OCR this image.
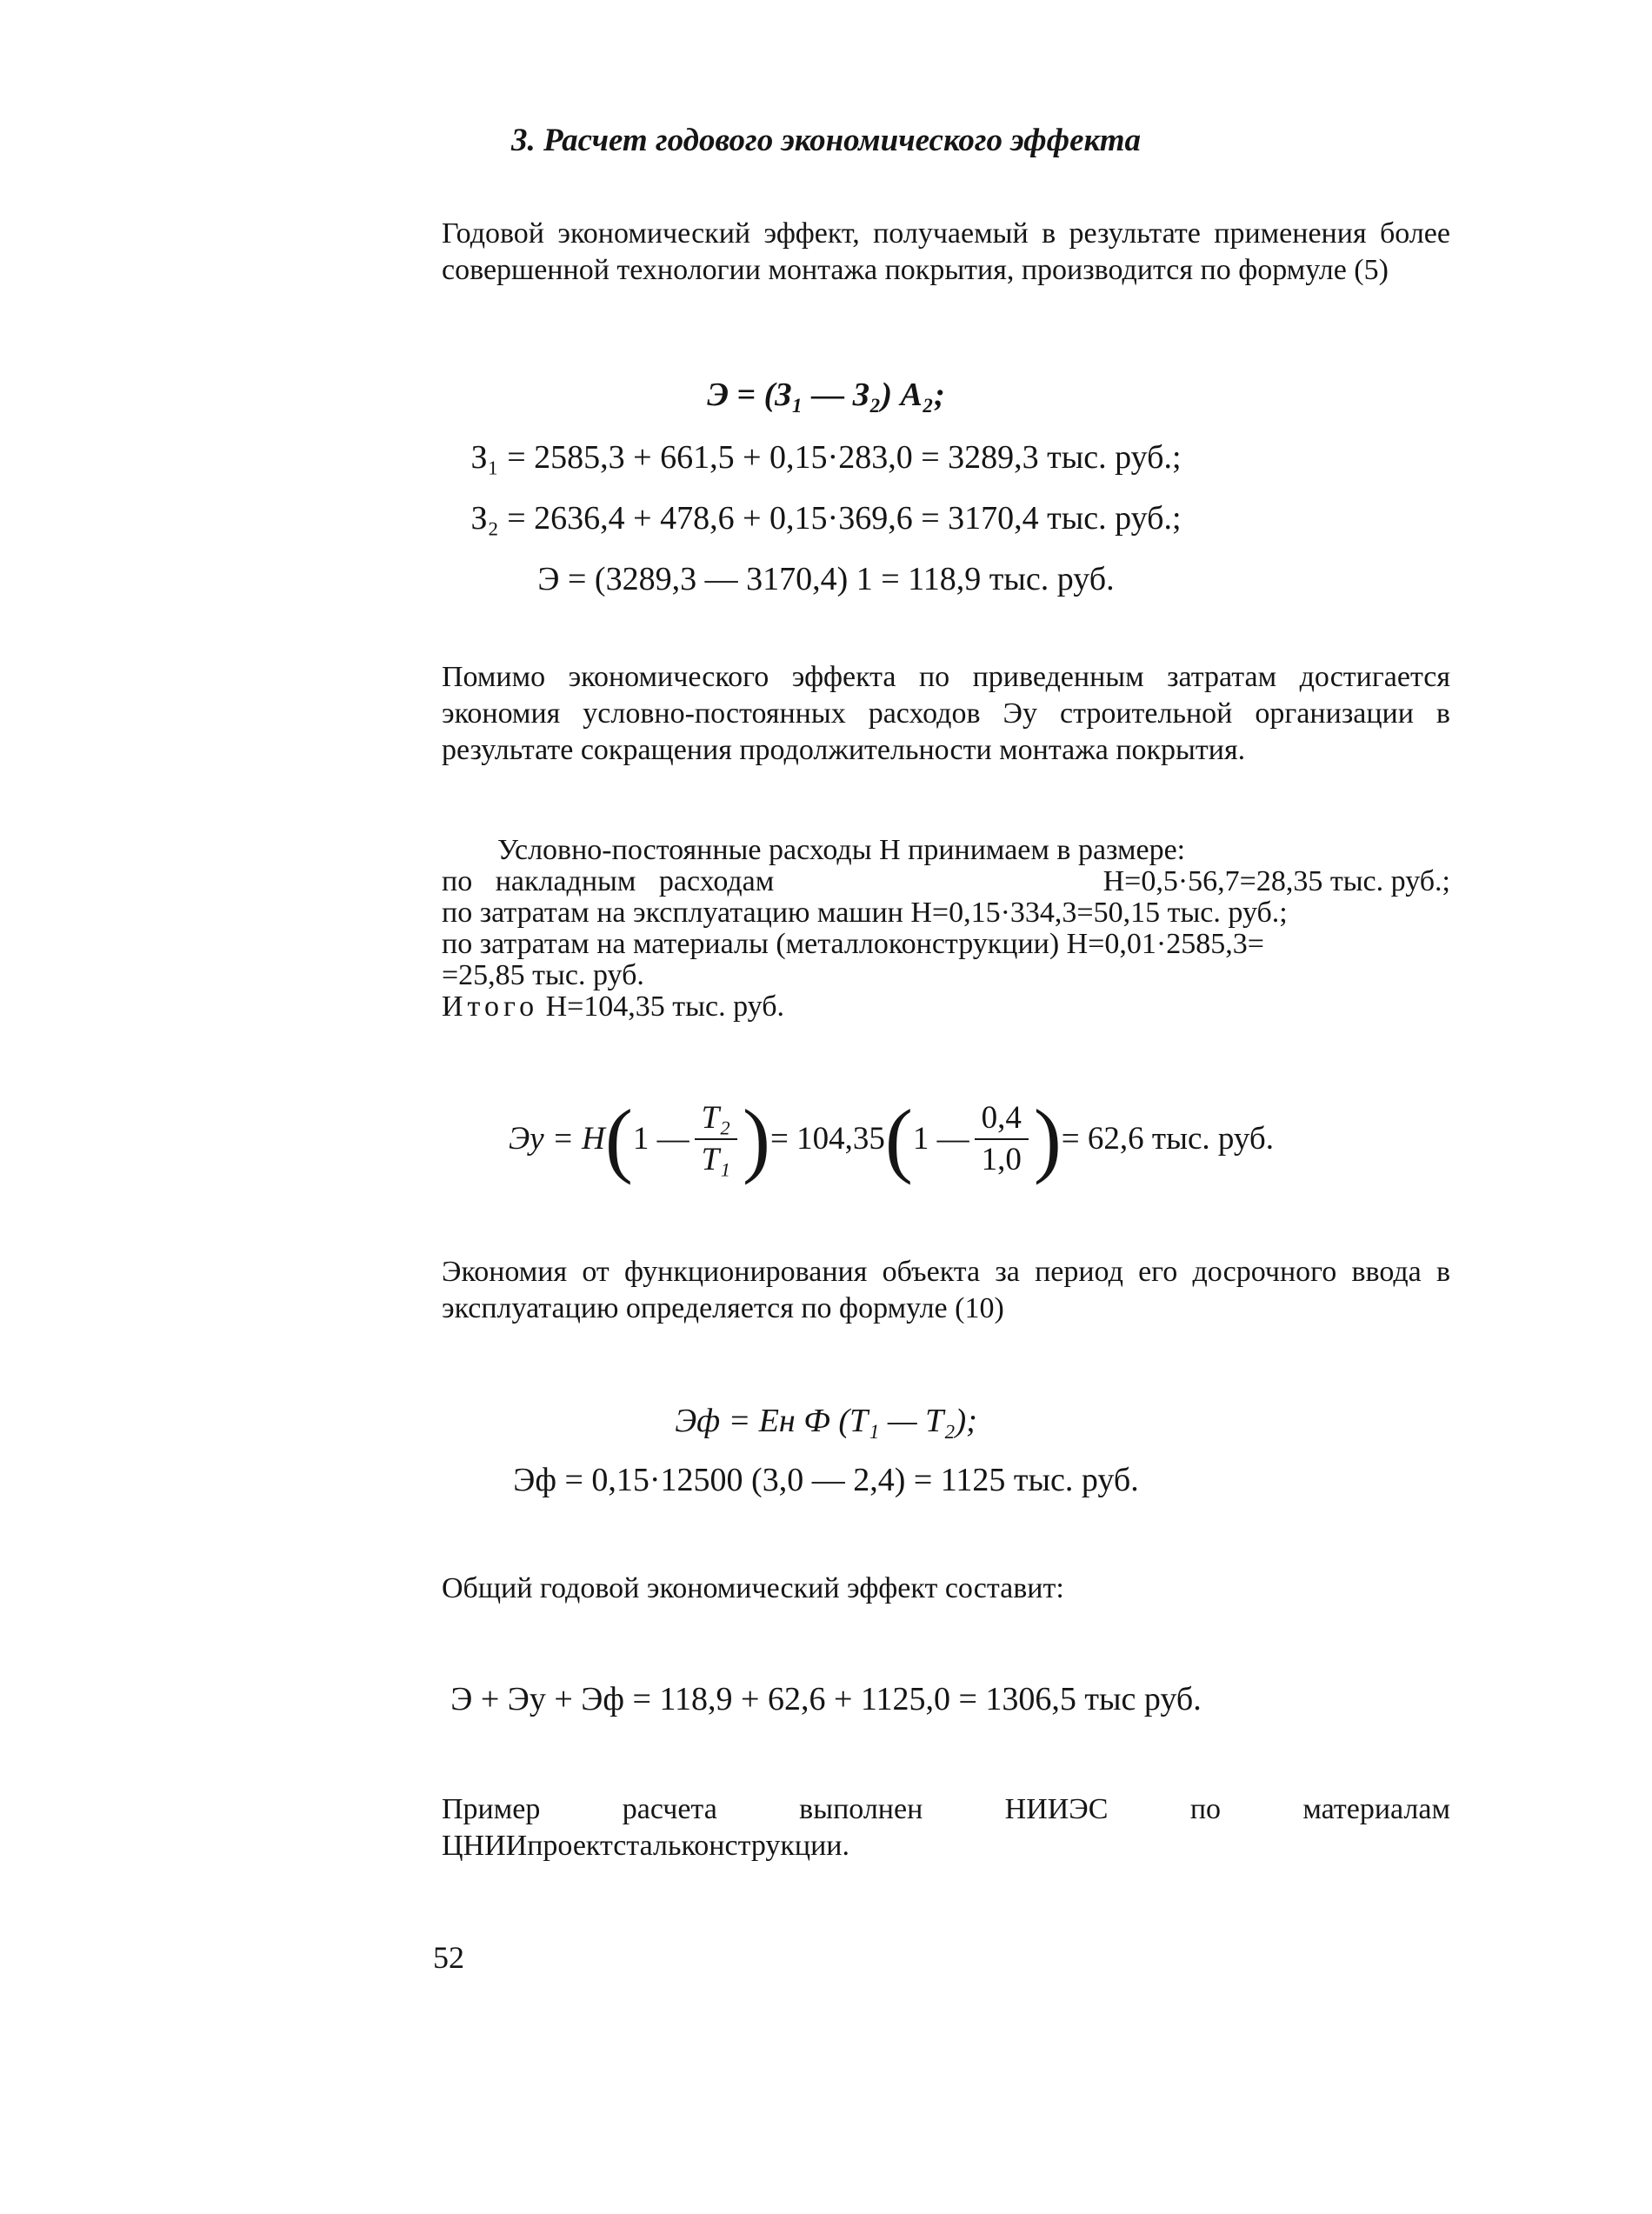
3. Расчет годового экономического эффекта
Годовой экономический эффект, получаемый в результате применения более совершенной технологии монтажа покрытия, производится по формуле (5)
Э = (З₁ — З₂) А₂;
З₁ = 2585,3 + 661,5 + 0,15·283,0 = 3289,3 тыс. руб.;
З₂ = 2636,4 + 478,6 + 0,15·369,6 = 3170,4 тыс. руб.;
Э = (3289,3 — 3170,4) 1 = 118,9 тыс. руб.
Помимо экономического эффекта по приведенным затратам достигается экономия условно-постоянных расходов Эу строительной организации в результате сокращения продолжительности монтажа покрытия.
Условно-постоянные расходы Н принимаем в размере:
по накладным расходам	Н=0,5·56,7=28,35 тыс. руб.;
по затратам на эксплуатацию машин Н=0,15·334,3=50,15 тыс. руб.;
по затратам на материалы (металлоконструкции) Н=0,01·2585,3=
=25,85 тыс. руб.
Итого Н=104,35 тыс. руб.
Эу = Н ( 1 — $\frac{\text{Т₂}}{\text{Т₁}}$ ) = 104,35 ( 1 — $\frac{0,4}{1,0}$ ) = 62,6 тыс. руб.
Экономия от функционирования объекта за период его досрочного ввода в эксплуатацию определяется по формуле (10)
Эф = Ен Ф (Т₁ — Т₂);
Эф = 0,15·12500 (3,0 — 2,4) = 1125 тыс. руб.
Общий годовой экономический эффект составит:
Э + Эу + Эф = 118,9 + 62,6 + 1125,0 = 1306,5 тыс руб.
Пример расчета выполнен НИИЭС по материалам ЦНИИпроектстальконструкции.
52
